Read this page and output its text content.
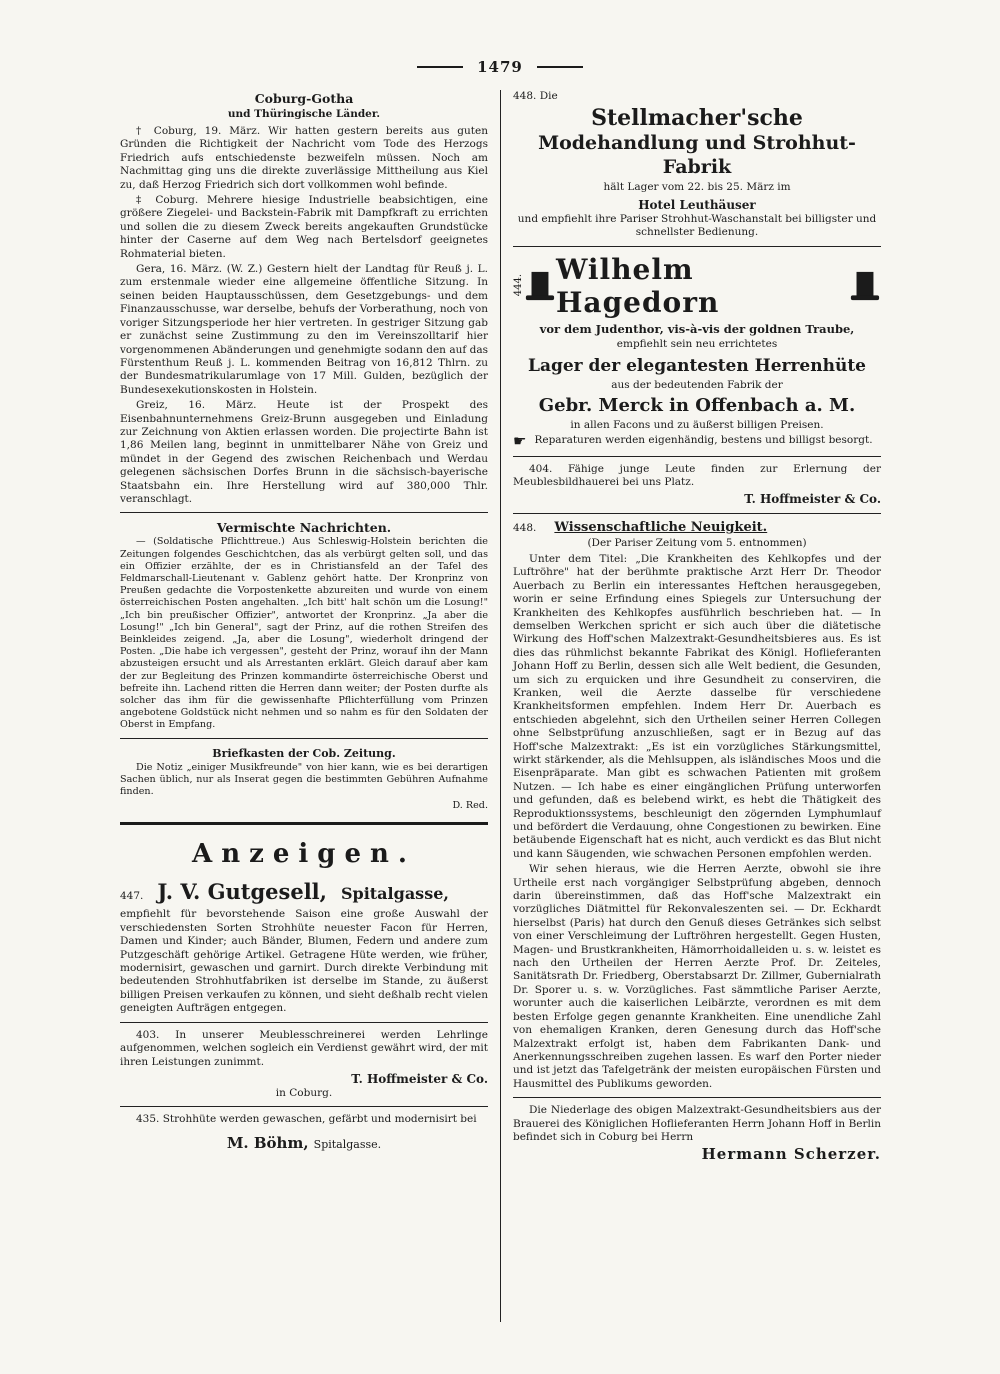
1479

Coburg-Gotha

und Thüringische Länder.

† Coburg, 19. März. Wir hatten gestern bereits aus guten Gründen die Richtigkeit der Nachricht vom Tode des Herzogs Friedrich aufs entschiedenste bezweifeln müssen. Noch am Nachmittag ging uns die direkte zuverlässige Mittheilung aus Kiel zu, daß Herzog Friedrich sich dort vollkommen wohl befinde.

‡ Coburg. Mehrere hiesige Industrielle beabsichtigen, eine größere Ziegelei- und Backstein-Fabrik mit Dampfkraft zu errichten und sollen die zu diesem Zweck bereits angekauften Grundstücke hinter der Caserne auf dem Weg nach Bertelsdorf geeignetes Rohmaterial bieten.

Gera, 16. März. (W. Z.) Gestern hielt der Landtag für Reuß j. L. zum erstenmale wieder eine allgemeine öffentliche Sitzung. In seinen beiden Hauptausschüssen, dem Gesetzgebungs- und dem Finanzausschusse, war derselbe, behufs der Vorberathung, noch von voriger Sitzungsperiode her hier vertreten. In gestriger Sitzung gab er zunächst seine Zustimmung zu den im Vereinszolltarif hier vorgenommenen Abänderungen und genehmigte sodann den auf das Fürstenthum Reuß j. L. kommenden Beitrag von 16,812 Thlrn. zu der Bundesmatrikularumlage von 17 Mill. Gulden, bezüglich der Bundesexekutionskosten in Holstein.

Greiz, 16. März. Heute ist der Prospekt des Eisenbahnunternehmens Greiz-Brunn ausgegeben und Einladung zur Zeichnung von Aktien erlassen worden. Die projectirte Bahn ist 1,86 Meilen lang, beginnt in unmittelbarer Nähe von Greiz und mündet in der Gegend des zwischen Reichenbach und Werdau gelegenen sächsischen Dorfes Brunn in die sächsisch-bayerische Staatsbahn ein. Ihre Herstellung wird auf 380,000 Thlr. veranschlagt.

Vermischte Nachrichten.

— (Soldatische Pflichttreue.) Aus Schleswig-Holstein berichten die Zeitungen folgendes Geschichtchen, das als verbürgt gelten soll, und das ein Offizier erzählte, der es in Christiansfeld an der Tafel des Feldmarschall-Lieutenant v. Gablenz gehört hatte. Der Kronprinz von Preußen gedachte die Vorpostenkette abzureiten und wurde von einem österreichischen Posten angehalten. „Ich bitt' halt schön um die Losung!" „Ich bin preußischer Offizier", antwortet der Kronprinz. „Ja aber die Losung!" „Ich bin General", sagt der Prinz, auf die rothen Streifen des Beinkleides zeigend. „Ja, aber die Losung", wiederholt dringend der Posten. „Die habe ich vergessen", gesteht der Prinz, worauf ihn der Mann abzusteigen ersucht und als Arrestanten erklärt. Gleich darauf aber kam der zur Begleitung des Prinzen kommandirte österreichische Oberst und befreite ihn. Lachend ritten die Herren dann weiter; der Posten durfte als solcher das ihm für die gewissenhafte Pflichterfüllung vom Prinzen angebotene Goldstück nicht nehmen und so nahm es für den Soldaten der Oberst in Empfang.

Briefkasten der Cob. Zeitung.

Die Notiz „einiger Musikfreunde" von hier kann, wie es bei derartigen Sachen üblich, nur als Inserat gegen die bestimmten Gebühren Aufnahme finden.

D. Red.

Anzeigen.
447. J. V. Gutgesell, Spitalgasse,

empfiehlt für bevorstehende Saison eine große Auswahl der verschiedensten Sorten Strohhüte neuester Facon für Herren, Damen und Kinder; auch Bänder, Blumen, Federn und andere zum Putzgeschäft gehörige Artikel. Getragene Hüte werden, wie früher, modernisirt, gewaschen und garnirt. Durch direkte Verbindung mit bedeutenden Strohhutfabriken ist derselbe im Stande, zu äußerst billigen Preisen verkaufen zu können, und sieht deßhalb recht vielen geneigten Aufträgen entgegen.

403. In unserer Meublesschreinerei werden Lehrlinge aufgenommen, welchen sogleich ein Verdienst gewährt wird, der mit ihren Leistungen zunimmt.

T. Hoffmeister & Co.

in Coburg.

435. Strohhüte werden gewaschen, gefärbt und modernisirt bei

M. Böhm, Spitalgasse.

448. Die

Stellmacher'sche

Modehandlung und Strohhut-Fabrik

hält Lager vom 22. bis 25. März im

Hotel Leuthäuser

und empfiehlt ihre Pariser Strohhut-Waschanstalt bei billigster und schnellster Bedienung.

444. Wilhelm Hagedorn

vor dem Judenthor, vis-à-vis der goldnen Traube,

empfiehlt sein neu errichtetes

Lager der elegantesten Herrenhüte

aus der bedeutenden Fabrik der

Gebr. Merck in Offenbach a. M.

in allen Facons und zu äußerst billigen Preisen.

☛ Reparaturen werden eigenhändig, bestens und billigst besorgt.

404. Fähige junge Leute finden zur Erlernung der Meublesbildhauerei bei uns Platz.

T. Hoffmeister & Co.

448. Wissenschaftliche Neuigkeit.

(Der Pariser Zeitung vom 5. entnommen)

Unter dem Titel: „Die Krankheiten des Kehlkopfes und der Luftröhre" hat der berühmte praktische Arzt Herr Dr. Theodor Auerbach zu Berlin ein interessantes Heftchen herausgegeben, worin er seine Erfindung eines Spiegels zur Untersuchung der Krankheiten des Kehlkopfes ausführlich beschrieben hat. — In demselben Werkchen spricht er sich auch über die diätetische Wirkung des Hoff'schen Malzextrakt-Gesundheitsbieres aus. Es ist dies das rühmlichst bekannte Fabrikat des Königl. Hoflieferanten Johann Hoff zu Berlin, dessen sich alle Welt bedient, die Gesunden, um sich zu erquicken und ihre Gesundheit zu conserviren, die Kranken, weil die Aerzte dasselbe für verschiedene Krankheitsformen empfehlen. Indem Herr Dr. Auerbach es entschieden abgelehnt, sich den Urtheilen seiner Herren Collegen ohne Selbstprüfung anzuschließen, sagt er in Bezug auf das Hoff'sche Malzextrakt: „Es ist ein vorzügliches Stärkungsmittel, wirkt stärkender, als die Mehlsuppen, als isländisches Moos und die Eisenpräparate. Man gibt es schwachen Patienten mit großem Nutzen. — Ich habe es einer eingänglichen Prüfung unterworfen und gefunden, daß es belebend wirkt, es hebt die Thätigkeit des Reproduktionssystems, beschleunigt den zögernden Lymphumlauf und befördert die Verdauung, ohne Congestionen zu bewirken. Eine betäubende Eigenschaft hat es nicht, auch verdickt es das Blut nicht und kann Säugenden, wie schwachen Personen empfohlen werden.

Wir sehen hieraus, wie die Herren Aerzte, obwohl sie ihre Urtheile erst nach vorgängiger Selbstprüfung abgeben, dennoch darin übereinstimmen, daß das Hoff'sche Malzextrakt ein vorzügliches Diätmittel für Rekonvaleszenten sei. — Dr. Eckhardt hierselbst (Paris) hat durch den Genuß dieses Getränkes sich selbst von einer Verschleimung der Luftröhren hergestellt. Gegen Husten, Magen- und Brustkrankheiten, Hämorrhoidalleiden u. s. w. leistet es nach den Urtheilen der Herren Aerzte Prof. Dr. Zeiteles, Sanitätsrath Dr. Friedberg, Oberstabsarzt Dr. Zillmer, Gubernialrath Dr. Sporer u. s. w. Vorzügliches. Fast sämmtliche Pariser Aerzte, worunter auch die kaiserlichen Leibärzte, verordnen es mit dem besten Erfolge gegen genannte Krankheiten. Eine unendliche Zahl von ehemaligen Kranken, deren Genesung durch das Hoff'sche Malzextrakt erfolgt ist, haben dem Fabrikanten Dank- und Anerkennungsschreiben zugehen lassen. Es warf den Porter nieder und ist jetzt das Tafelgetränk der meisten europäischen Fürsten und Hausmittel des Publikums geworden.

Die Niederlage des obigen Malzextrakt-Gesundheitsbiers aus der Brauerei des Königlichen Hoflieferanten Herrn Johann Hoff in Berlin befindet sich in Coburg bei Herrn

Hermann Scherzer.
